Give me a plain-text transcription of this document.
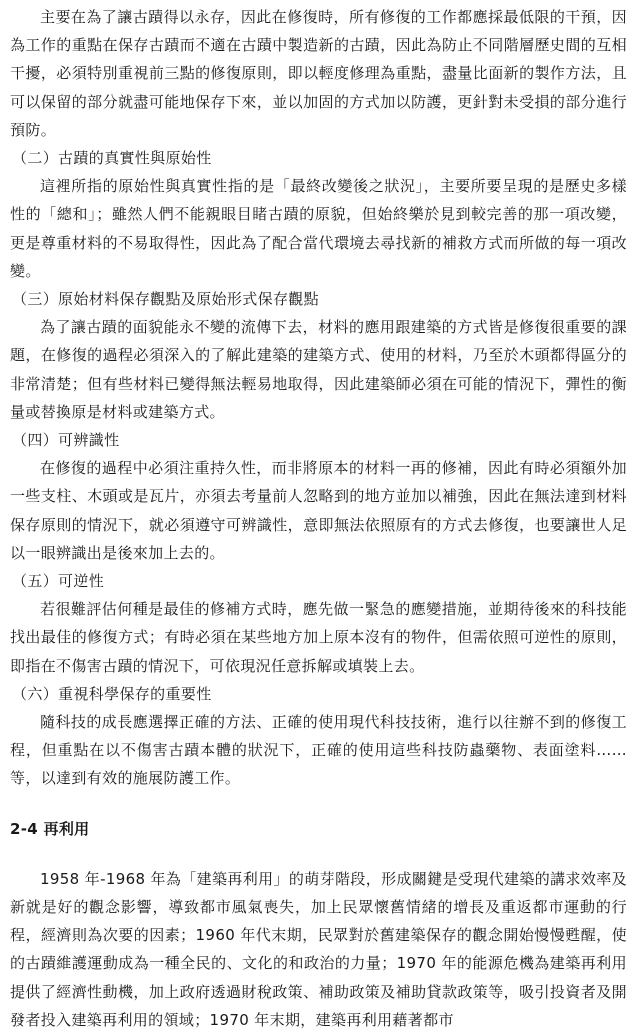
主要在為了讓古蹟得以永存，因此在修復時，所有修復的工作都應採最低限的干預，因為工作的重點在保存古蹟而不適在古蹟中製造新的古蹟，因此為防止不同階層歷史間的互相干擾，必須特別重視前三點的修復原則，即以輕度修理為重點，盡量比面新的製作方法，且可以保留的部分就盡可能地保存下來，並以加固的方式加以防護，更針對未受損的部分進行預防。

（二）古蹟的真實性與原始性

這裡所指的原始性與真實性指的是「最終改變後之狀況」，主要所要呈現的是歷史多樣性的「總和」；雖然人們不能親眼目睹古蹟的原貌，但始終樂於見到較完善的那一項改變，更是尊重材料的不易取得性，因此為了配合當代環境去尋找新的補救方式而所做的每一項改變。

（三）原始材料保存觀點及原始形式保存觀點

為了讓古蹟的面貌能永不變的流傳下去，材料的應用跟建築的方式皆是修復很重要的課題，在修復的過程必須深入的了解此建築的建築方式、使用的材料，乃至於木頭都得區分的非常清楚；但有些材料已變得無法輕易地取得，因此建築師必須在可能的情況下，彈性的衡量或替換原是材料或建築方式。

（四）可辨識性

在修復的過程中必須注重持久性，而非將原本的材料一再的修補，因此有時必須額外加一些支柱、木頭或是瓦片，亦須去考量前人忽略到的地方並加以補強，因此在無法達到材料保存原則的情況下，就必須遵守可辨識性，意即無法依照原有的方式去修復，也要讓世人足以一眼辨識出是後來加上去的。

（五）可逆性

若很難評估何種是最佳的修補方式時，應先做一緊急的應變措施，並期待後來的科技能找出最佳的修復方式；有時必須在某些地方加上原本沒有的物件，但需依照可逆性的原則，即指在不傷害古蹟的情況下，可依現況任意拆解或填裝上去。

（六）重視科學保存的重要性

隨科技的成長應選擇正確的方法、正確的使用現代科技技術，進行以往辦不到的修復工程，但重點在以不傷害古蹟本體的狀況下，正確的使用這些科技防蟲藥物、表面塗料……等，以達到有效的施展防護工作。

2-4 再利用

1958 年-1968 年為「建築再利用」的萌芽階段，形成關鍵是受現代建築的講求效率及新就是好的觀念影響，導致都市風氣喪失，加上民眾懷舊情緒的增長及重返都市運動的行程，經濟則為次要的因素；1960 年代末期，民眾對於舊建築保存的觀念開始慢慢甦醒，使的古蹟維護運動成為一種全民的、文化的和政治的力量；1970 年的能源危機為建築再利用提供了經濟性動機，加上政府透過財稅政策、補助政策及補助貸款政策等，吸引投資者及開發者投入建築再利用的領域；1970 年末期，建築再利用藉著都市
